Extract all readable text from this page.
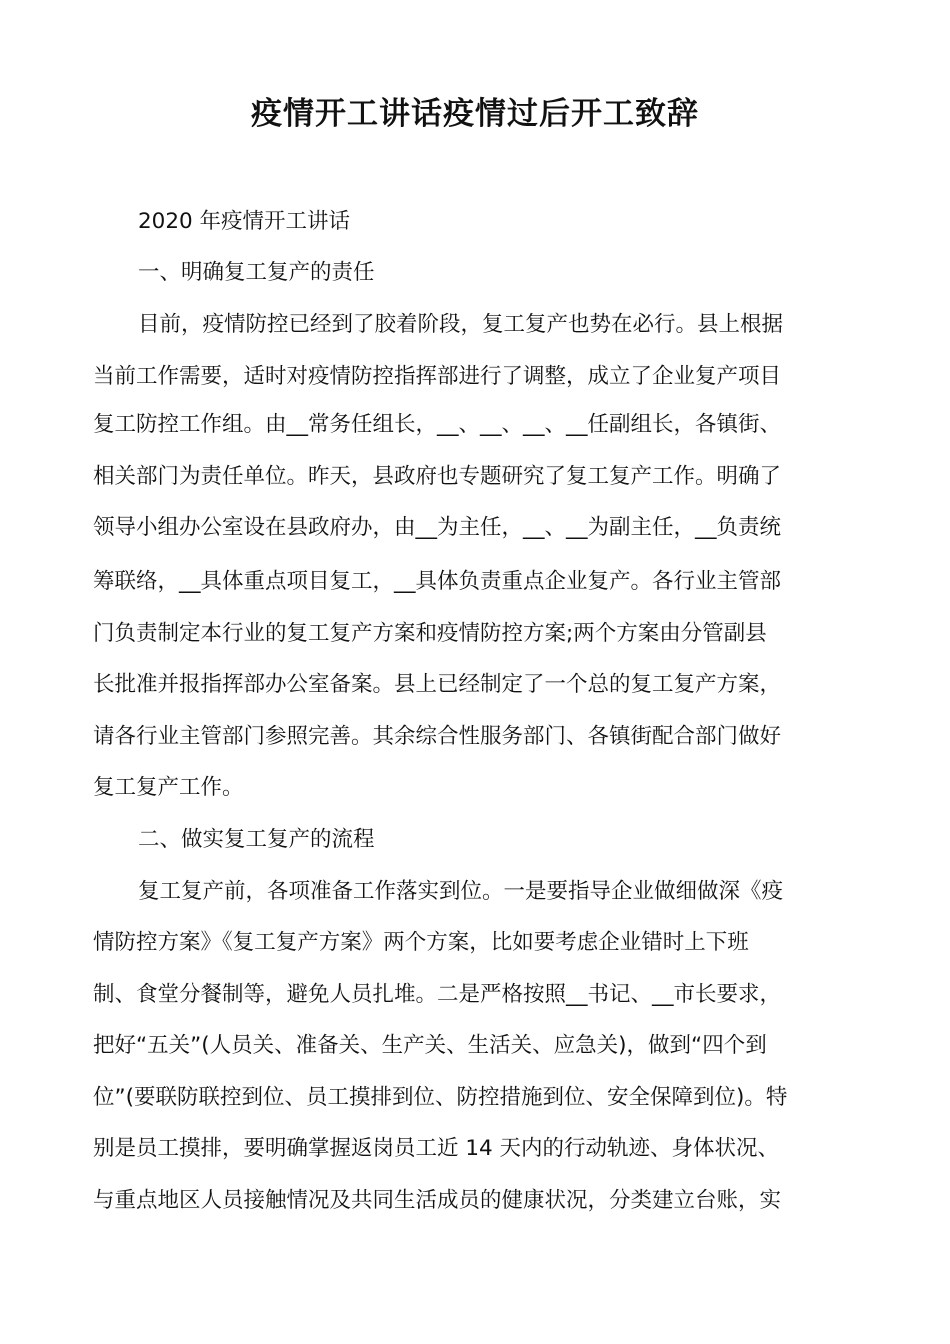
疫情开工讲话疫情过后开工致辞

2020 年疫情开工讲话

一、明确复工复产的责任

目前，疫情防控已经到了胶着阶段，复工复产也势在必行。县上根据

当前工作需要，适时对疫情防控指挥部进行了调整，成立了企业复产项目

复工防控工作组。由__常务任组长，__、__、__、__任副组长，各镇街、

相关部门为责任单位。昨天，县政府也专题研究了复工复产工作。明确了

领导小组办公室设在县政府办，由__为主任，__、__为副主任，__负责统

筹联络，__具体重点项目复工，__具体负责重点企业复产。各行业主管部

门负责制定本行业的复工复产方案和疫情防控方案;两个方案由分管副县

长批准并报指挥部办公室备案。县上已经制定了一个总的复工复产方案，

请各行业主管部门参照完善。其余综合性服务部门、各镇街配合部门做好

复工复产工作。

二、做实复工复产的流程

复工复产前，各项准备工作落实到位。一是要指导企业做细做深《疫

情防控方案》《复工复产方案》两个方案，比如要考虑企业错时上下班

制、食堂分餐制等，避免人员扎堆。二是严格按照__书记、__市长要求，

把好“五关”(人员关、准备关、生产关、生活关、应急关)，做到“四个到

位”(要联防联控到位、员工摸排到位、防控措施到位、安全保障到位)。特

别是员工摸排，要明确掌握返岗员工近 14 天内的行动轨迹、身体状况、

与重点地区人员接触情况及共同生活成员的健康状况，分类建立台账，实
